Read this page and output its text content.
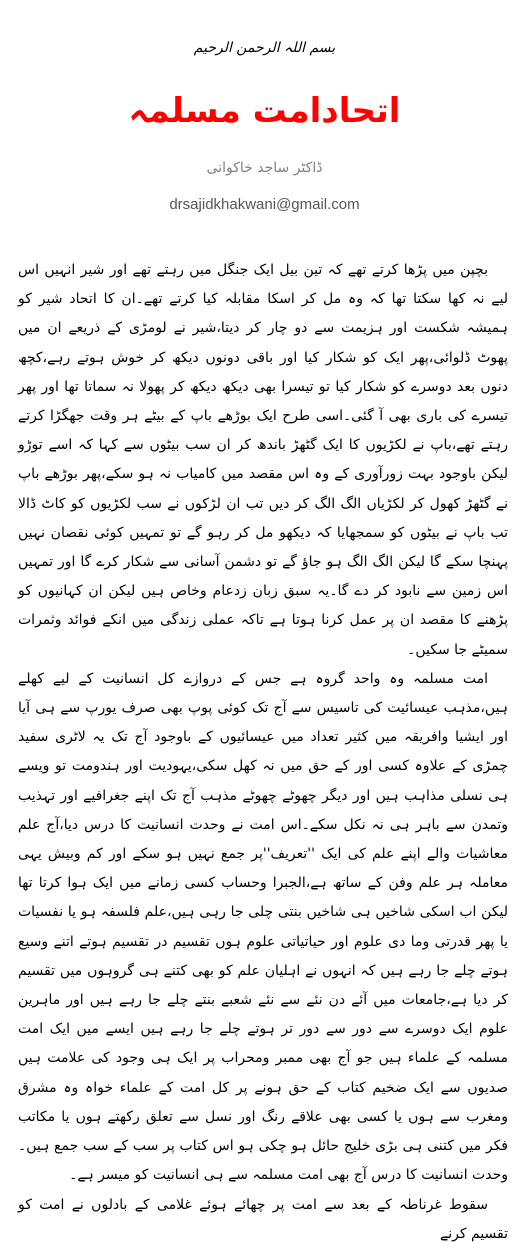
بسم اللہ الرحمن الرحیم
اتحادامت مسلمہ
ڈاکٹر ساجد خاکوانی
drsajidkhakwani@gmail.com

بچپن میں پڑھا کرتے تھے کہ تین بیل ایک جنگل میں رہتے تھے اور شیر انہیں اس لیے نہ کھا سکتا تھا کہ وہ مل کر اسکا مقابلہ کیا کرتے تھے۔ان کا اتحاد شیر کو ہمیشہ شکست اور ہزیمت سے دو چار کر دیتا،شیر نے لومڑی کے ذریعے ان میں پھوٹ ڈلوائی،پھر ایک کو شکار کیا اور باقی دونوں دیکھ کر خوش ہوتے رہے،کچھ دنوں بعد دوسرے کو شکار کیا تو تیسرا بھی دیکھ دیکھ کر پھولا نہ سماتا تھا اور پھر تیسرے کی باری بھی آ گئی۔اسی طرح ایک بوڑھے باپ کے بیٹے ہر وقت جھگڑا کرتے رہتے تھے،باپ نے لکڑیوں کا ایک گٹھڑ باندھ کر ان سب بیٹوں سے کہا کہ اسے توڑو لیکن باوجود بہت زورآوری کے وہ اس مقصد میں کامیاب نہ ہو سکے،پھر بوڑھے باپ نے گٹھڑ کھول کر لکڑیاں الگ الگ کر دیں تب ان لڑکوں نے سب لکڑیوں کو کاٹ ڈالا تب باپ نے بیٹوں کو سمجھایا کہ دیکھو مل کر رہو گے تو تمہیں کوئی نقصان نہیں پہنچا سکے گا لیکن الگ الگ ہو جاؤ گے تو دشمن آسانی سے شکار کرے گا اور تمہیں اس زمین سے نابود کر دے گا۔یہ سبق زبان زدعام وخاص ہیں لیکن ان کہانیوں کو پڑھنے کا مقصد ان پر عمل کرنا ہوتا ہے تاکہ عملی زندگی میں انکے فوائد وثمرات سمیٹے جا سکیں۔

امت مسلمہ وہ واحد گروہ ہے جس کے دروازے کل انسانیت کے لیے کھلے ہیں،مذہب عیسائیت کی تاسیس سے آج تک کوئی پوپ بھی صرف یورپ سے ہی آیا اور ایشیا وافریقہ میں کثیر تعداد میں عیسائیوں کے باوجود آج تک یہ لاٹری سفید چمڑی کے علاوہ کسی اور کے حق میں نہ کھل سکی،یہودیت اور ہندومت تو ویسے ہی نسلی مذاہب ہیں اور دیگر چھوٹے چھوٹے مذہب آج تک اپنے جغرافیے اور تہذیب وتمدن سے باہر ہی نہ نکل سکے۔اس امت نے وحدت انسانیت کا درس دیا،آج علم معاشیات والے اپنے علم کی ایک ''تعریف''پر جمع نہیں ہو سکے اور کم وبیش یہی معاملہ ہر علم وفن کے ساتھ ہے،الجبرا وحساب کسی زمانے میں ایک ہوا کرتا تھا لیکن اب اسکی شاخیں ہی شاخیں بنتی چلی جا رہی ہیں،علم فلسفہ ہو یا نفسیات یا پھر قدرتی وما دی علوم اور حیاتیاتی علوم ہوں تقسیم در تقسیم ہوتے اتنے وسیع ہوتے چلے جا رہے ہیں کہ انہوں نے اہلیان علم کو بھی کتنے ہی گروہوں میں تقسیم کر دیا ہے،جامعات میں آئے دن نئے سے نئے شعبے بنتے چلے جا رہے ہیں اور ماہرین علوم ایک دوسرے سے دور سے دور تر ہوتے چلے جا رہے ہیں ایسے میں ایک امت مسلمہ کے علماء ہیں جو آج بھی ممبر ومحراب پر ایک ہی وجود کی علامت ہیں صدیوں سے ایک ضخیم کتاب کے حق ہونے پر کل امت کے علماء خواہ وہ مشرق ومغرب سے ہوں یا کسی بھی علاقے رنگ اور نسل سے تعلق رکھتے ہوں یا مکاتب فکر میں کتنی ہی بڑی خلیج حائل ہو چکی ہو اس کتاب پر سب کے سب جمع ہیں۔وحدت انسانیت کا درس آج بھی امت مسلمہ سے ہی انسانیت کو میسر ہے۔

سقوط غرناطہ کے بعد سے امت پر چھائے ہوئے غلامی کے بادلوں نے امت کو تقسیم کرنے
